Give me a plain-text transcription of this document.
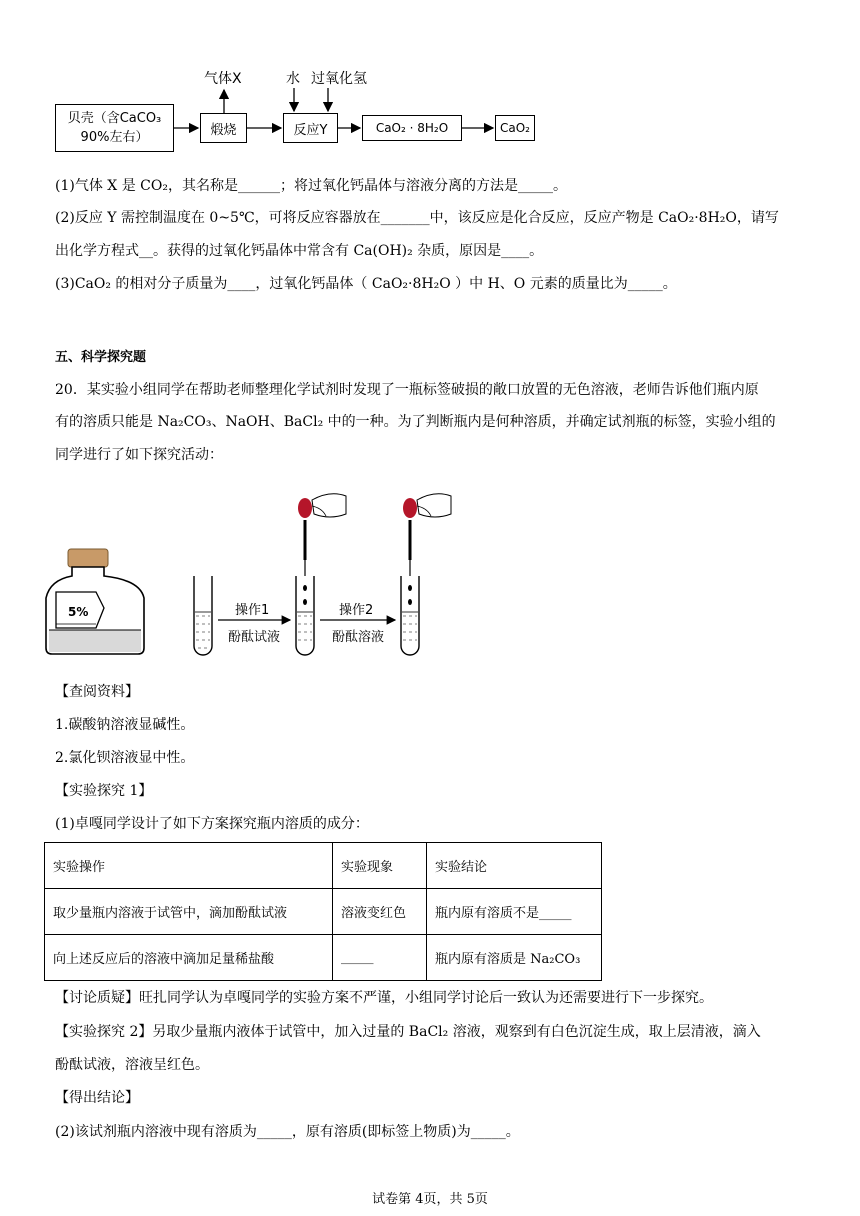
贝壳（含CaCO₃
90%左右）	煅烧	反应Y	CaO₂ · 8H₂O	CaO₂
气体X	水 过氧化氢
(1)气体 X 是 CO₂，其名称是______；将过氧化钙晶体与溶液分离的方法是_____。
(2)反应 Y 需控制温度在 0~5℃，可将反应容器放在_______中，该反应是化合反应，反应产物是 CaO₂·8H₂O，请写
出化学方程式__。获得的过氧化钙晶体中常含有 Ca(OH)₂ 杂质，原因是____。
(3)CaO₂ 的相对分子质量为____，过氧化钙晶体（ CaO₂·8H₂O ）中 H、O 元素的质量比为_____。
五、科学探究题
20．某实验小组同学在帮助老师整理化学试剂时发现了一瓶标签破损的敞口放置的无色溶液，老师告诉他们瓶内原
有的溶质只能是 Na₂CO₃、NaOH、BaCl₂ 中的一种。为了判断瓶内是何种溶质，并确定试剂瓶的标签，实验小组的
同学进行了如下探究活动：
5%	操作1
酚酞试液
操作2
酚酞溶液
【查阅资料】
1.碳酸钠溶液显碱性。
2.氯化钡溶液显中性。
【实验探究 1】
(1)卓嘎同学设计了如下方案探究瓶内溶质的成分：
实验操作	实验现象	实验结论
取少量瓶内溶液于试管中，滴加酚酞试液	溶液变红色	瓶内原有溶质不是_____
向上述反应后的溶液中滴加足量稀盐酸	_____	瓶内原有溶质是 Na₂CO₃
【讨论质疑】旺扎同学认为卓嘎同学的实验方案不严谨，小组同学讨论后一致认为还需要进行下一步探究。
【实验探究 2】另取少量瓶内液体于试管中，加入过量的 BaCl₂ 溶液，观察到有白色沉淀生成，取上层清液，滴入
酚酞试液，溶液呈红色。
【得出结论】
(2)该试剂瓶内溶液中现有溶质为_____，原有溶质(即标签上物质)为_____。
试卷第 4页，共 5页
